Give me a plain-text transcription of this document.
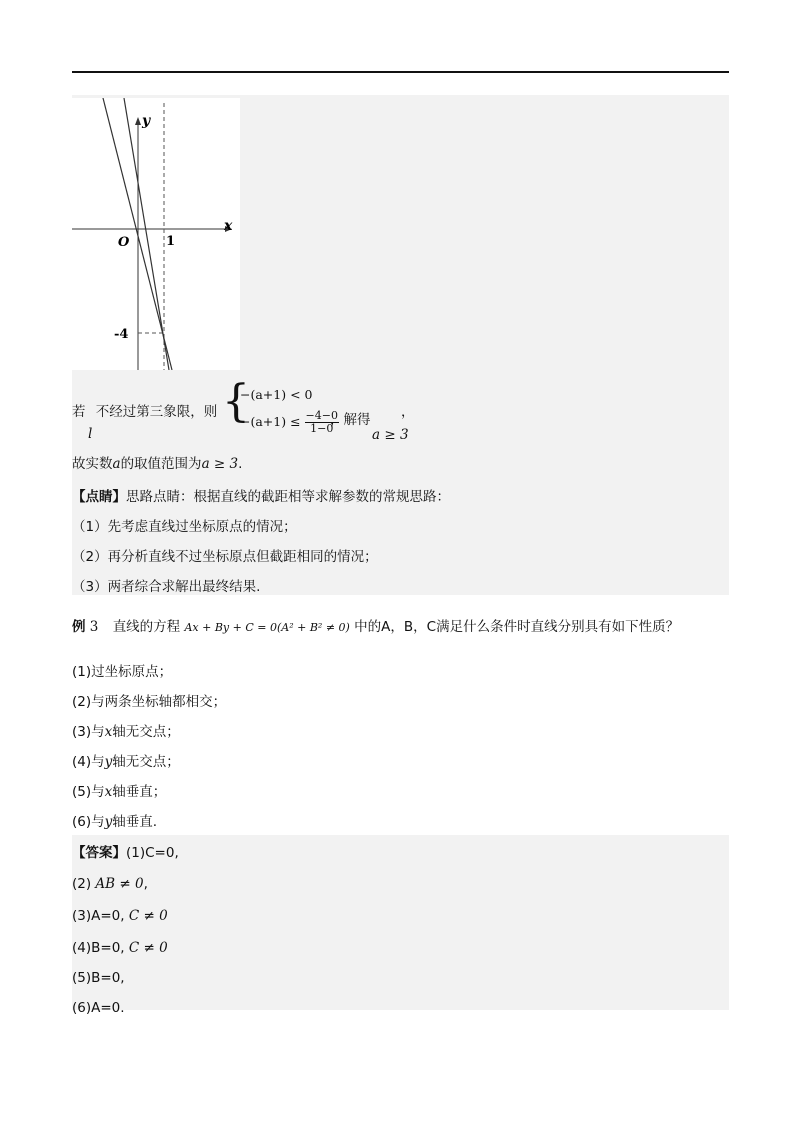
x
y
O	1
-4
若 不经过第三象限，则
l
{
−(a+1) < 0
$-(a+1) \le \frac{-4-0}{1-0}$
，解得 ，
a ≥ 3
故实数a的取值范围为a ≥ 3.
【点睛】思路点睛：根据直线的截距相等求解参数的常规思路：
（1）先考虑直线过坐标原点的情况；
（2）再分析直线不过坐标原点但截距相同的情况；
（3）两者综合求解出最终结果.
例 3 直线的方程 Ax + By + C = 0(A² + B² ≠ 0) 中的A，B，C满足什么条件时直线分别具有如下性质？
(1)过坐标原点；
(2)与两条坐标轴都相交；
(3)与x轴无交点；
(4)与y轴无交点；
(5)与x轴垂直；
(6)与y轴垂直.
【答案】(1)C=0,
(2) AB ≠ 0,
(3)A=0, C ≠ 0
(4)B=0, C ≠ 0
(5)B=0,
(6)A=0.
